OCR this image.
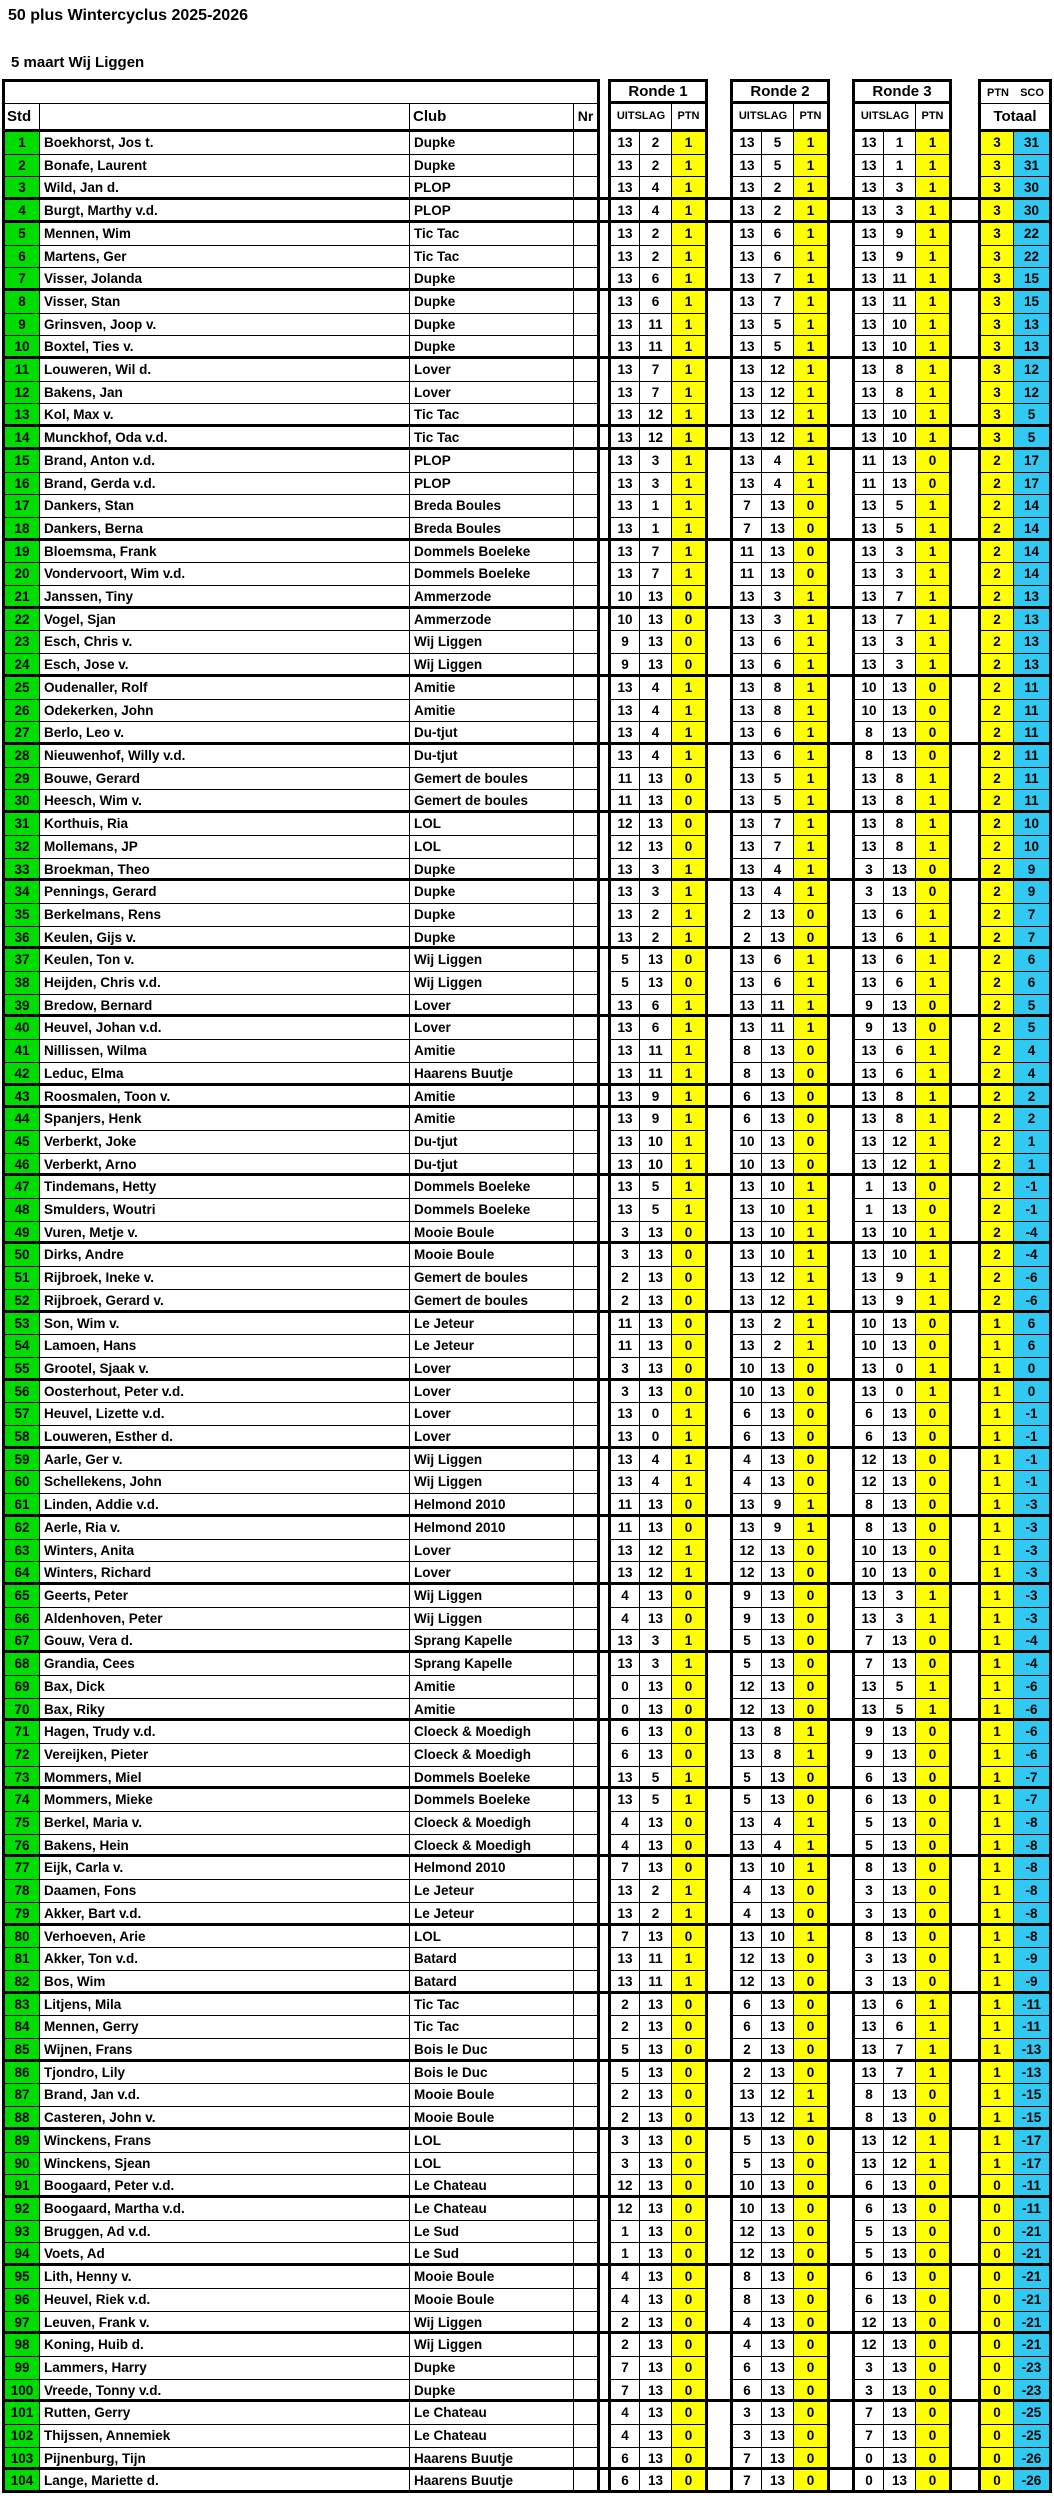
50 plus Wintercyclus 2025-2026
5 maart Wij Liggen
Ronde 1	Ronde 2	Ronde 3	PTN	SCO
Std	Club	Nr	UITSLAG	PTN	UITSLAG	PTN	UITSLAG	PTN	Totaal
1	Boekhorst, Jos t.	Dupke	13	2	1	13	5	1	13	1	1	3	31
2	Bonafe, Laurent	Dupke	13	2	1	13	5	1	13	1	1	3	31
3	Wild, Jan d.	PLOP	13	4	1	13	2	1	13	3	1	3	30
4	Burgt, Marthy v.d.	PLOP	13	4	1	13	2	1	13	3	1	3	30
5	Mennen, Wim	Tic Tac	13	2	1	13	6	1	13	9	1	3	22
6	Martens, Ger	Tic Tac	13	2	1	13	6	1	13	9	1	3	22
7	Visser, Jolanda	Dupke	13	6	1	13	7	1	13	11	1	3	15
8	Visser, Stan	Dupke	13	6	1	13	7	1	13	11	1	3	15
9	Grinsven, Joop v.	Dupke	13	11	1	13	5	1	13	10	1	3	13
10	Boxtel, Ties v.	Dupke	13	11	1	13	5	1	13	10	1	3	13
11	Louweren, Wil d.	Lover	13	7	1	13	12	1	13	8	1	3	12
12	Bakens, Jan	Lover	13	7	1	13	12	1	13	8	1	3	12
13	Kol, Max v.	Tic Tac	13	12	1	13	12	1	13	10	1	3	5
14	Munckhof, Oda v.d.	Tic Tac	13	12	1	13	12	1	13	10	1	3	5
15	Brand, Anton v.d.	PLOP	13	3	1	13	4	1	11	13	0	2	17
16	Brand, Gerda v.d.	PLOP	13	3	1	13	4	1	11	13	0	2	17
17	Dankers, Stan	Breda Boules	13	1	1	7	13	0	13	5	1	2	14
18	Dankers, Berna	Breda Boules	13	1	1	7	13	0	13	5	1	2	14
19	Bloemsma, Frank	Dommels Boeleke	13	7	1	11	13	0	13	3	1	2	14
20	Vondervoort, Wim v.d.	Dommels Boeleke	13	7	1	11	13	0	13	3	1	2	14
21	Janssen, Tiny	Ammerzode	10	13	0	13	3	1	13	7	1	2	13
22	Vogel, Sjan	Ammerzode	10	13	0	13	3	1	13	7	1	2	13
23	Esch, Chris v.	Wij Liggen	9	13	0	13	6	1	13	3	1	2	13
24	Esch, Jose v.	Wij Liggen	9	13	0	13	6	1	13	3	1	2	13
25	Oudenaller, Rolf	Amitie	13	4	1	13	8	1	10	13	0	2	11
26	Odekerken, John	Amitie	13	4	1	13	8	1	10	13	0	2	11
27	Berlo, Leo v.	Du-tjut	13	4	1	13	6	1	8	13	0	2	11
28	Nieuwenhof, Willy v.d.	Du-tjut	13	4	1	13	6	1	8	13	0	2	11
29	Bouwe, Gerard	Gemert de boules	11	13	0	13	5	1	13	8	1	2	11
30	Heesch, Wim v.	Gemert de boules	11	13	0	13	5	1	13	8	1	2	11
31	Korthuis, Ria	LOL	12	13	0	13	7	1	13	8	1	2	10
32	Mollemans, JP	LOL	12	13	0	13	7	1	13	8	1	2	10
33	Broekman, Theo	Dupke	13	3	1	13	4	1	3	13	0	2	9
34	Pennings, Gerard	Dupke	13	3	1	13	4	1	3	13	0	2	9
35	Berkelmans, Rens	Dupke	13	2	1	2	13	0	13	6	1	2	7
36	Keulen, Gijs v.	Dupke	13	2	1	2	13	0	13	6	1	2	7
37	Keulen, Ton v.	Wij Liggen	5	13	0	13	6	1	13	6	1	2	6
38	Heijden, Chris v.d.	Wij Liggen	5	13	0	13	6	1	13	6	1	2	6
39	Bredow, Bernard	Lover	13	6	1	13	11	1	9	13	0	2	5
40	Heuvel, Johan v.d.	Lover	13	6	1	13	11	1	9	13	0	2	5
41	Nillissen, Wilma	Amitie	13	11	1	8	13	0	13	6	1	2	4
42	Leduc, Elma	Haarens Buutje	13	11	1	8	13	0	13	6	1	2	4
43	Roosmalen, Toon v.	Amitie	13	9	1	6	13	0	13	8	1	2	2
44	Spanjers, Henk	Amitie	13	9	1	6	13	0	13	8	1	2	2
45	Verberkt, Joke	Du-tjut	13	10	1	10	13	0	13	12	1	2	1
46	Verberkt, Arno	Du-tjut	13	10	1	10	13	0	13	12	1	2	1
47	Tindemans, Hetty	Dommels Boeleke	13	5	1	13	10	1	1	13	0	2	-1
48	Smulders, Woutri	Dommels Boeleke	13	5	1	13	10	1	1	13	0	2	-1
49	Vuren, Metje v.	Mooie Boule	3	13	0	13	10	1	13	10	1	2	-4
50	Dirks, Andre	Mooie Boule	3	13	0	13	10	1	13	10	1	2	-4
51	Rijbroek, Ineke v.	Gemert de boules	2	13	0	13	12	1	13	9	1	2	-6
52	Rijbroek, Gerard v.	Gemert de boules	2	13	0	13	12	1	13	9	1	2	-6
53	Son, Wim v.	Le Jeteur	11	13	0	13	2	1	10	13	0	1	6
54	Lamoen, Hans	Le Jeteur	11	13	0	13	2	1	10	13	0	1	6
55	Grootel, Sjaak v.	Lover	3	13	0	10	13	0	13	0	1	1	0
56	Oosterhout, Peter v.d.	Lover	3	13	0	10	13	0	13	0	1	1	0
57	Heuvel, Lizette v.d.	Lover	13	0	1	6	13	0	6	13	0	1	-1
58	Louweren, Esther d.	Lover	13	0	1	6	13	0	6	13	0	1	-1
59	Aarle, Ger v.	Wij Liggen	13	4	1	4	13	0	12	13	0	1	-1
60	Schellekens, John	Wij Liggen	13	4	1	4	13	0	12	13	0	1	-1
61	Linden, Addie v.d.	Helmond 2010	11	13	0	13	9	1	8	13	0	1	-3
62	Aerle, Ria v.	Helmond 2010	11	13	0	13	9	1	8	13	0	1	-3
63	Winters, Anita	Lover	13	12	1	12	13	0	10	13	0	1	-3
64	Winters, Richard	Lover	13	12	1	12	13	0	10	13	0	1	-3
65	Geerts, Peter	Wij Liggen	4	13	0	9	13	0	13	3	1	1	-3
66	Aldenhoven, Peter	Wij Liggen	4	13	0	9	13	0	13	3	1	1	-3
67	Gouw, Vera d.	Sprang Kapelle	13	3	1	5	13	0	7	13	0	1	-4
68	Grandia, Cees	Sprang Kapelle	13	3	1	5	13	0	7	13	0	1	-4
69	Bax, Dick	Amitie	0	13	0	12	13	0	13	5	1	1	-6
70	Bax, Riky	Amitie	0	13	0	12	13	0	13	5	1	1	-6
71	Hagen, Trudy v.d.	Cloeck & Moedigh	6	13	0	13	8	1	9	13	0	1	-6
72	Vereijken, Pieter	Cloeck & Moedigh	6	13	0	13	8	1	9	13	0	1	-6
73	Mommers, Miel	Dommels Boeleke	13	5	1	5	13	0	6	13	0	1	-7
74	Mommers, Mieke	Dommels Boeleke	13	5	1	5	13	0	6	13	0	1	-7
75	Berkel, Maria v.	Cloeck & Moedigh	4	13	0	13	4	1	5	13	0	1	-8
76	Bakens, Hein	Cloeck & Moedigh	4	13	0	13	4	1	5	13	0	1	-8
77	Eijk, Carla v.	Helmond 2010	7	13	0	13	10	1	8	13	0	1	-8
78	Daamen, Fons	Le Jeteur	13	2	1	4	13	0	3	13	0	1	-8
79	Akker, Bart v.d.	Le Jeteur	13	2	1	4	13	0	3	13	0	1	-8
80	Verhoeven, Arie	LOL	7	13	0	13	10	1	8	13	0	1	-8
81	Akker, Ton v.d.	Batard	13	11	1	12	13	0	3	13	0	1	-9
82	Bos, Wim	Batard	13	11	1	12	13	0	3	13	0	1	-9
83	Litjens, Mila	Tic Tac	2	13	0	6	13	0	13	6	1	1	-11
84	Mennen, Gerry	Tic Tac	2	13	0	6	13	0	13	6	1	1	-11
85	Wijnen, Frans	Bois le Duc	5	13	0	2	13	0	13	7	1	1	-13
86	Tjondro, Lily	Bois le Duc	5	13	0	2	13	0	13	7	1	1	-13
87	Brand, Jan v.d.	Mooie Boule	2	13	0	13	12	1	8	13	0	1	-15
88	Casteren, John v.	Mooie Boule	2	13	0	13	12	1	8	13	0	1	-15
89	Winckens, Frans	LOL	3	13	0	5	13	0	13	12	1	1	-17
90	Winckens, Sjean	LOL	3	13	0	5	13	0	13	12	1	1	-17
91	Boogaard, Peter v.d.	Le Chateau	12	13	0	10	13	0	6	13	0	0	-11
92	Boogaard, Martha v.d.	Le Chateau	12	13	0	10	13	0	6	13	0	0	-11
93	Bruggen, Ad v.d.	Le Sud	1	13	0	12	13	0	5	13	0	0	-21
94	Voets, Ad	Le Sud	1	13	0	12	13	0	5	13	0	0	-21
95	Lith, Henny v.	Mooie Boule	4	13	0	8	13	0	6	13	0	0	-21
96	Heuvel, Riek v.d.	Mooie Boule	4	13	0	8	13	0	6	13	0	0	-21
97	Leuven, Frank v.	Wij Liggen	2	13	0	4	13	0	12	13	0	0	-21
98	Koning, Huib d.	Wij Liggen	2	13	0	4	13	0	12	13	0	0	-21
99	Lammers, Harry	Dupke	7	13	0	6	13	0	3	13	0	0	-23
100 Vreede, Tonny v.d.	Dupke	7	13	0	6	13	0	3	13	0	0	-23
101 Rutten, Gerry	Le Chateau	4	13	0	3	13	0	7	13	0	0	-25
102 Thijssen, Annemiek	Le Chateau	4	13	0	3	13	0	7	13	0	0	-25
103 Pijnenburg, Tijn	Haarens Buutje	6	13	0	7	13	0	0	13	0	0	-26
104 Lange, Mariette d.	Haarens Buutje	6	13	0	7	13	0	0	13	0	0	-26
